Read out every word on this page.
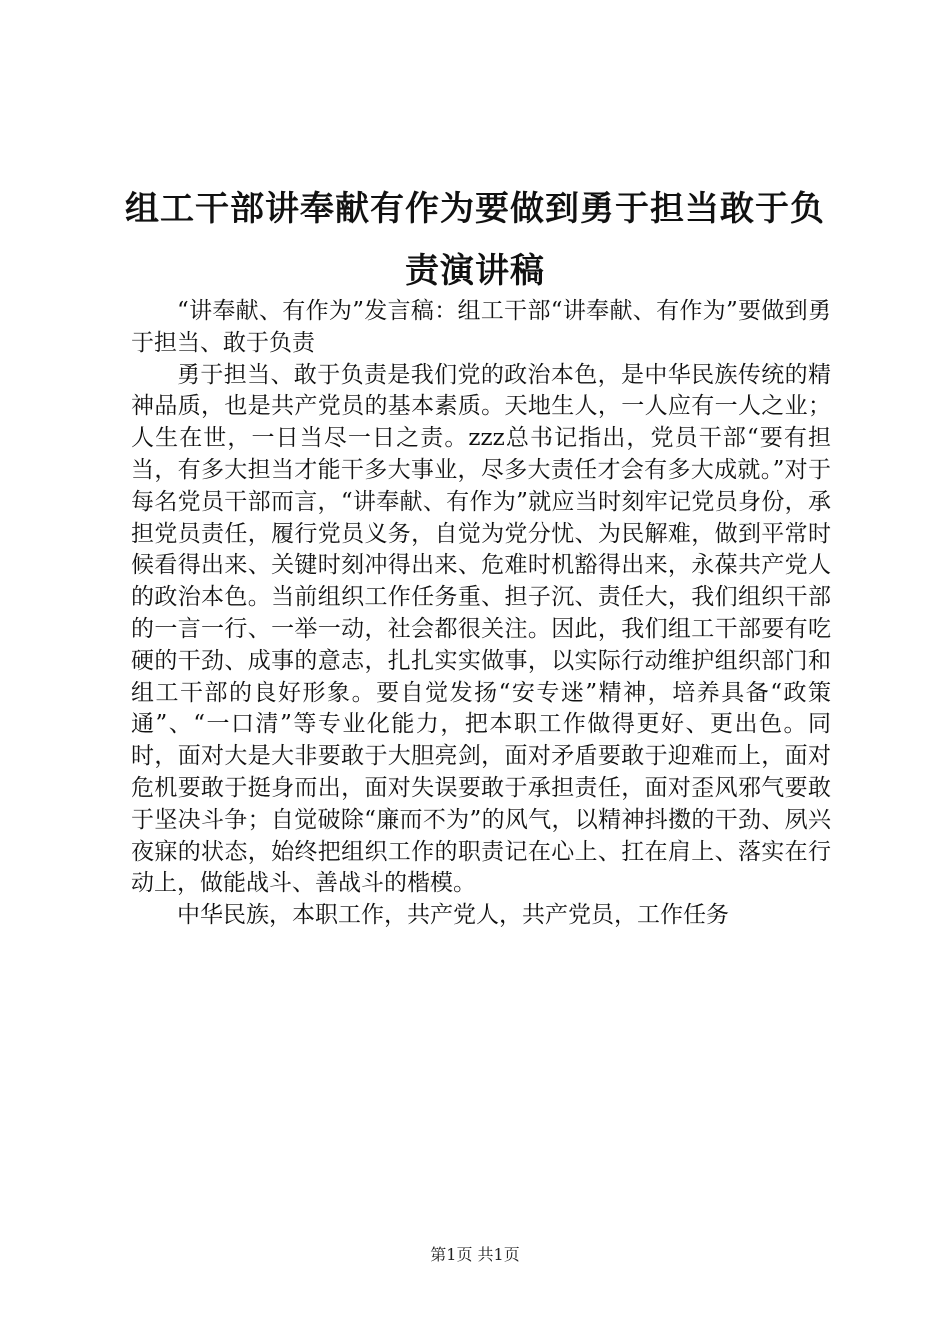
组工干部讲奉献有作为要做到勇于担当敢于负责演讲稿

“讲奉献、有作为”发言稿：组工干部“讲奉献、有作为”要做到勇于担当、敢于负责

勇于担当、敢于负责是我们党的政治本色，是中华民族传统的精神品质，也是共产党员的基本素质。天地生人，一人应有一人之业；人生在世，一日当尽一日之责。zzz总书记指出，党员干部“要有担当，有多大担当才能干多大事业，尽多大责任才会有多大成就。”对于每名党员干部而言，“讲奉献、有作为”就应当时刻牢记党员身份，承担党员责任，履行党员义务，自觉为党分忧、为民解难，做到平常时候看得出来、关键时刻冲得出来、危难时机豁得出来，永葆共产党人的政治本色。当前组织工作任务重、担子沉、责任大，我们组织干部的一言一行、一举一动，社会都很关注。因此，我们组工干部要有吃硬的干劲、成事的意志，扎扎实实做事，以实际行动维护组织部门和组工干部的良好形象。要自觉发扬“安专迷”精神，培养具备“政策通”、“一口清”等专业化能力，把本职工作做得更好、更出色。同时，面对大是大非要敢于大胆亮剑，面对矛盾要敢于迎难而上，面对危机要敢于挺身而出，面对失误要敢于承担责任，面对歪风邪气要敢于坚决斗争；自觉破除“廉而不为”的风气，以精神抖擞的干劲、夙兴夜寐的状态，始终把组织工作的职责记在心上、扛在肩上、落实在行动上，做能战斗、善战斗的楷模。

中华民族，本职工作，共产党人，共产党员，工作任务

第1页 共1页
